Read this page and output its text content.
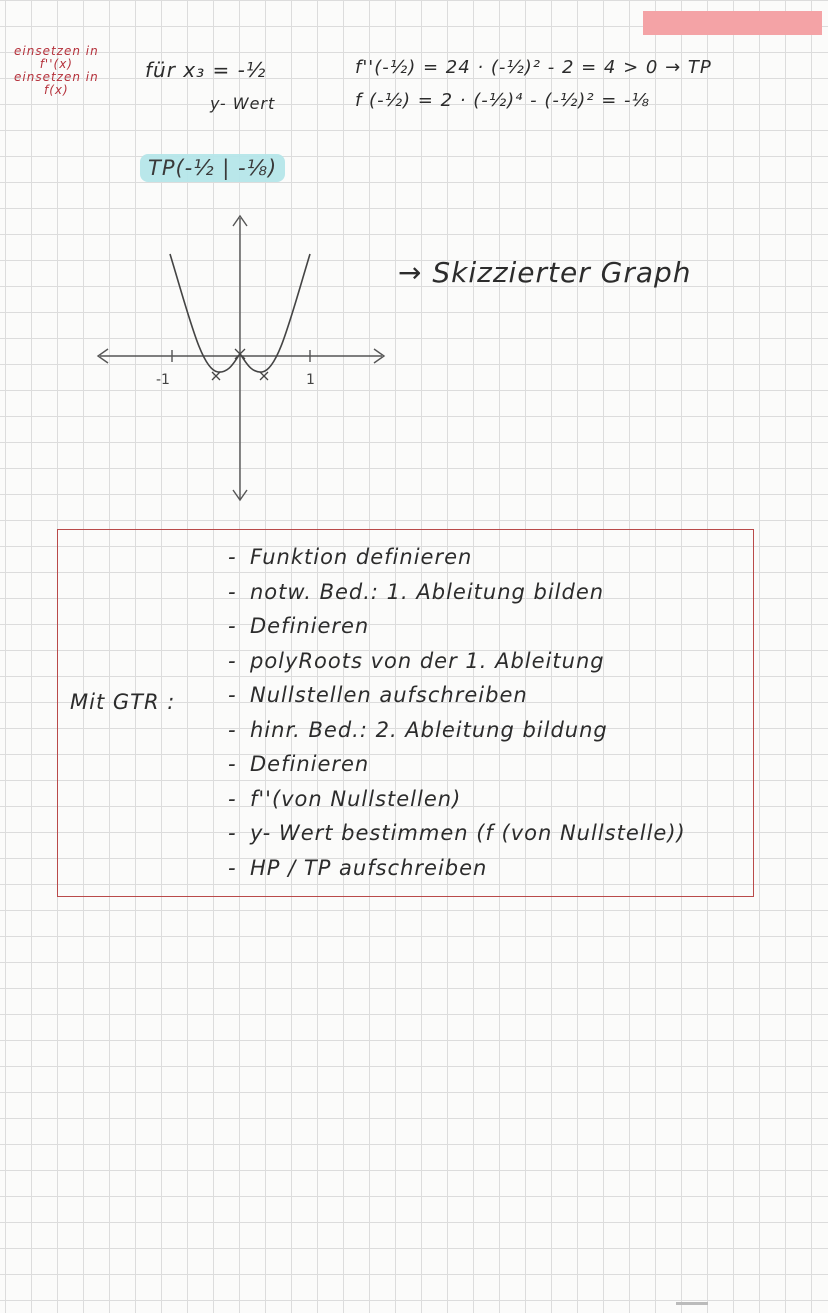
einsetzen in
f''(x)
einsetzen in
f(x)
für x₃ = -½
y- Wert
f''(-½) = 24 · (-½)² - 2 = 4 > 0 → TP
f (-½) = 2 · (-½)⁴ - (-½)² = -⅛
TP(-½ | -⅛)
-1	1
→ Skizzierter Graph
Mit GTR :
- Funktion definieren
- notw. Bed.: 1. Ableitung bilden
- Definieren
- polyRoots von der 1. Ableitung
- Nullstellen aufschreiben
- hinr. Bed.: 2. Ableitung bildung
- Definieren
- f''(von Nullstellen)
- y- Wert bestimmen (f (von Nullstelle))
- HP / TP aufschreiben
